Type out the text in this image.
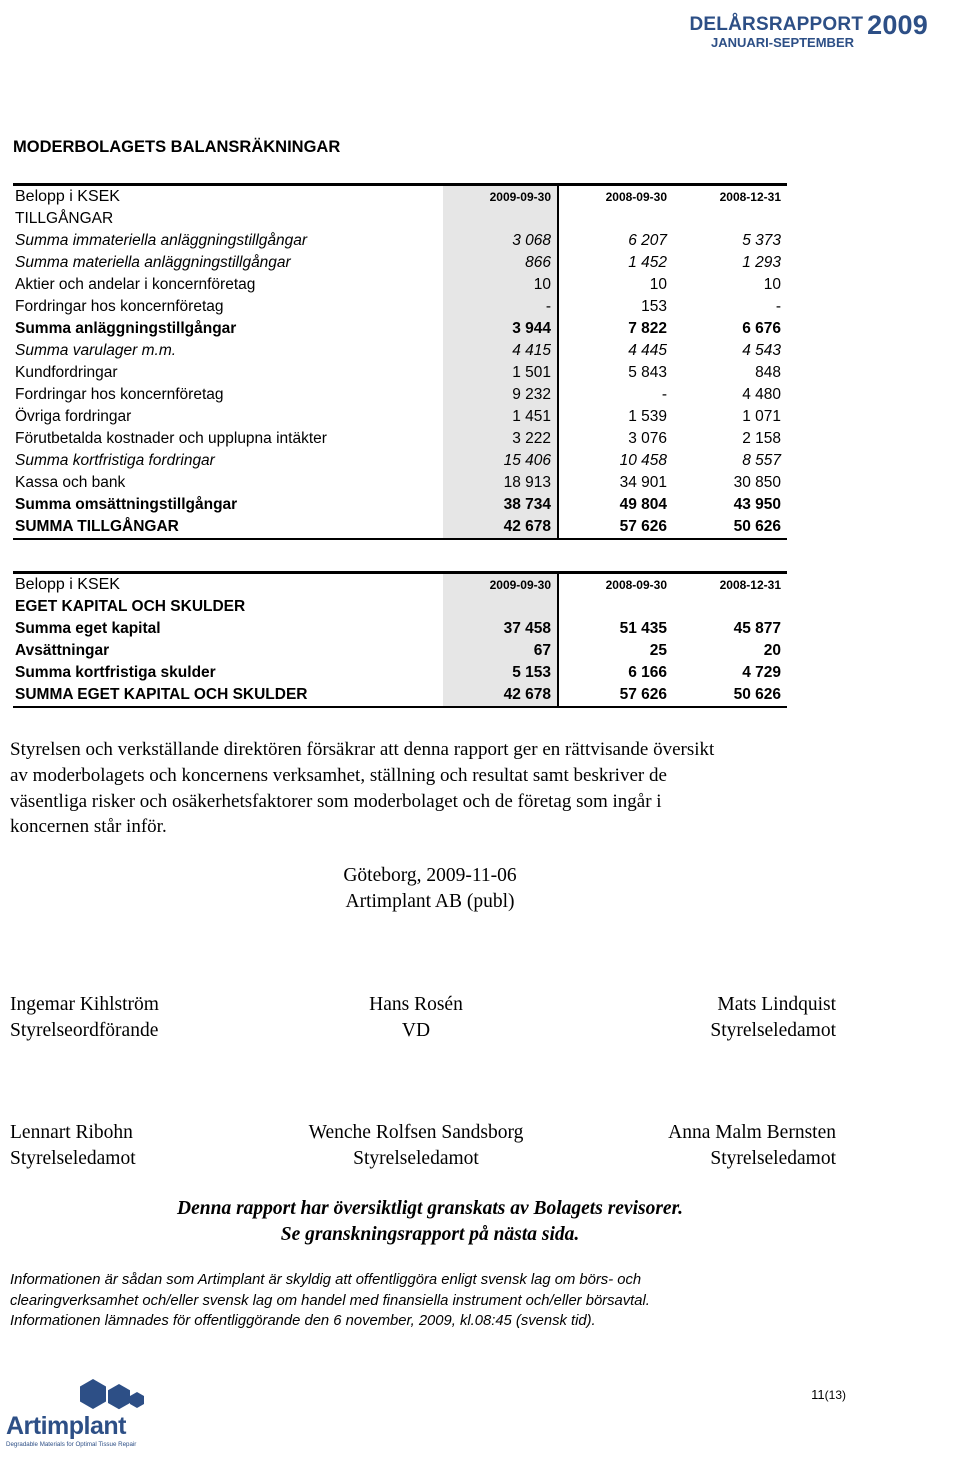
DELÅRSRAPPORT 2009
JANUARI-SEPTEMBER
MODERBOLAGETS BALANSRÄKNINGAR
Belopp i KSEK	2009-09-30	2008-09-30	2008-12-31
TILLGÅNGAR			
Summa immateriella anläggningstillgångar	3 068	6 207	5 373
Summa materiella anläggningstillgångar	866	1 452	1 293
Aktier och andelar i koncernföretag	10	10	10
Fordringar hos koncernföretag	-	153	-
Summa anläggningstillgångar	3 944	7 822	6 676
Summa varulager m.m.	4 415	4 445	4 543
Kundfordringar	1 501	5 843	848
Fordringar hos koncernföretag	9 232	-	4 480
Övriga fordringar	1 451	1 539	1 071
Förutbetalda kostnader och upplupna intäkter	3 222	3 076	2 158
Summa kortfristiga fordringar	15 406	10 458	8 557
Kassa och bank	18 913	34 901	30 850
Summa omsättningstillgångar	38 734	49 804	43 950
SUMMA TILLGÅNGAR	42 678	57 626	50 626
Belopp i KSEK	2009-09-30	2008-09-30	2008-12-31
EGET KAPITAL OCH SKULDER			
Summa eget kapital	37 458	51 435	45 877
Avsättningar	67	25	20
Summa kortfristiga skulder	5 153	6 166	4 729
SUMMA EGET KAPITAL OCH SKULDER	42 678	57 626	50 626
Styrelsen och verkställande direktören försäkrar att denna rapport ger en rättvisande översikt
av moderbolagets och koncernens verksamhet, ställning och resultat samt beskriver de
väsentliga risker och osäkerhetsfaktorer som moderbolaget och de företag som ingår i
koncernen står inför.
Göteborg, 2009-11-06
Artimplant AB (publ)
Ingemar Kihlström
Styrelseordförande
Hans Rosén
VD
Mats Lindquist
Styrelseledamot
Lennart Ribohn
Styrelseledamot
Wenche Rolfsen Sandsborg
Styrelseledamot
Anna Malm Bernsten
Styrelseledamot
Denna rapport har översiktligt granskats av Bolagets revisorer.
Se granskningsrapport på nästa sida.
Informationen är sådan som Artimplant är skyldig att offentliggöra enligt svensk lag om börs- och
clearingverksamhet och/eller svensk lag om handel med finansiella instrument och/eller börsavtal.
Informationen lämnades för offentliggörande den 6 november, 2009, kl.08:45 (svensk tid).
Artimplant
Degradable Materials for Optimal Tissue Repair
11(13)
